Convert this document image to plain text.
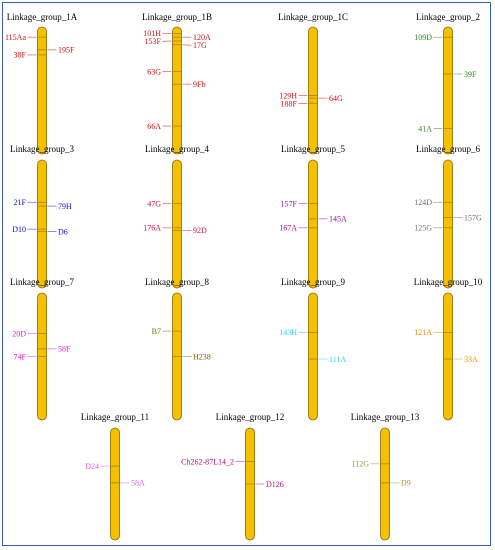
Linkage_group_1A
115Aa
195F
38F
Linkage_group_1B
101H	120A
153F	17G
63G
9Fb
66A
Linkage_group_1C
129H	64G
188F
Linkage_group_2
109D
39F
41A
Linkage_group_3
21F	79H
D10	D6
Linkage_group_4
47G
176A	92D
Linkage_group_5
157F
145A
167A
Linkage_group_6
124D
157G
125G
Linkage_group_7
20D
58F
74F
Linkage_group_8
B7
H238
Linkage_group_9
143H
111A
Linkage_group_10
121A
33A
Linkage_group_11
D24
58A
Linkage_group_12
Ch262-87L14_2
D126
Linkage_group_13
112G
D9
